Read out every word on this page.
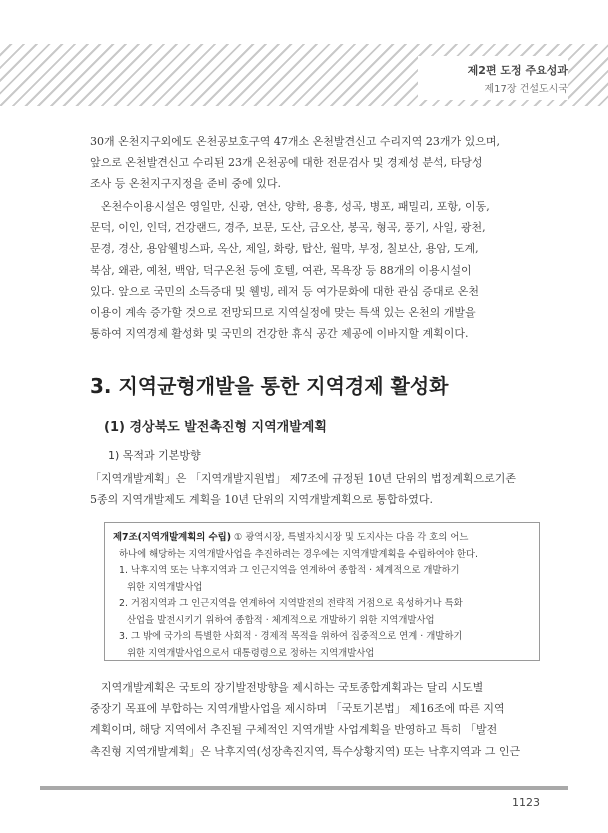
제2편 도정 주요성과
제17장 건설도시국
30개 온천지구외에도 온천공보호구역 47개소 온천발견신고 수리지역 23개가 있으며,
앞으로 온천발견신고 수리된 23개 온천공에 대한 전문검사 및 경제성 분석, 타당성
조사 등 온천지구지정을 준비 중에 있다.
온천수이용시설은 영일만, 신광, 연산, 양학, 용흥, 성곡, 병포, 패밀리, 포항, 이동,
문덕, 이인, 인덕, 건강랜드, 경주, 보문, 도산, 금오산, 봉곡, 형곡, 풍기, 사일, 광천,
문경, 경산, 용암웰빙스파, 옥산, 제일, 화랑, 탑산, 월막, 부정, 칠보산, 용암, 도계,
북삼, 왜관, 예천, 백암, 덕구온천 등에 호텔, 여관, 목욕장 등 88개의 이용시설이
있다. 앞으로 국민의 소득증대 및 웰빙, 레저 등 여가문화에 대한 관심 증대로 온천
이용이 계속 증가할 것으로 전망되므로 지역실정에 맞는 특색 있는 온천의 개발을
통하여 지역경제 활성화 및 국민의 건강한 휴식 공간 제공에 이바지할 계획이다.
3. 지역균형개발을 통한 지역경제 활성화
(1) 경상북도 발전촉진형 지역개발계획
1) 목적과 기본방향
「지역개발계획」은 「지역개발지원법」 제7조에 규정된 10년 단위의 법정계획으로기존
5종의 지역개발제도 계획을 10년 단위의 지역개발계획으로 통합하였다.
제7조(지역개발계획의 수립) ① 광역시장, 특별자치시장 및 도지사는 다음 각 호의 어느
하나에 해당하는 지역개발사업을 추진하려는 경우에는 지역개발계획을 수립하여야 한다.
1. 낙후지역 또는 낙후지역과 그 인근지역을 연계하여 종합적 · 체계적으로 개발하기
위한 지역개발사업
2. 거점지역과 그 인근지역을 연계하여 지역발전의 전략적 거점으로 육성하거나 특화
산업을 발전시키기 위하여 종합적 · 체계적으로 개발하기 위한 지역개발사업
3. 그 밖에 국가의 특별한 사회적 · 경제적 목적을 위하여 집중적으로 연계 · 개발하기
위한 지역개발사업으로서 대통령령으로 정하는 지역개발사업
지역개발계획은 국토의 장기발전방향을 제시하는 국토종합계획과는 달리 시도별
중장기 목표에 부합하는 지역개발사업을 제시하며 「국토기본법」 제16조에 따른 지역
계획이며, 해당 지역에서 추진될 구체적인 지역개발 사업계획을 반영하고 특히 「발전
촉진형 지역개발계획」은 낙후지역(성장촉진지역, 특수상황지역) 또는 낙후지역과 그 인근
1123
